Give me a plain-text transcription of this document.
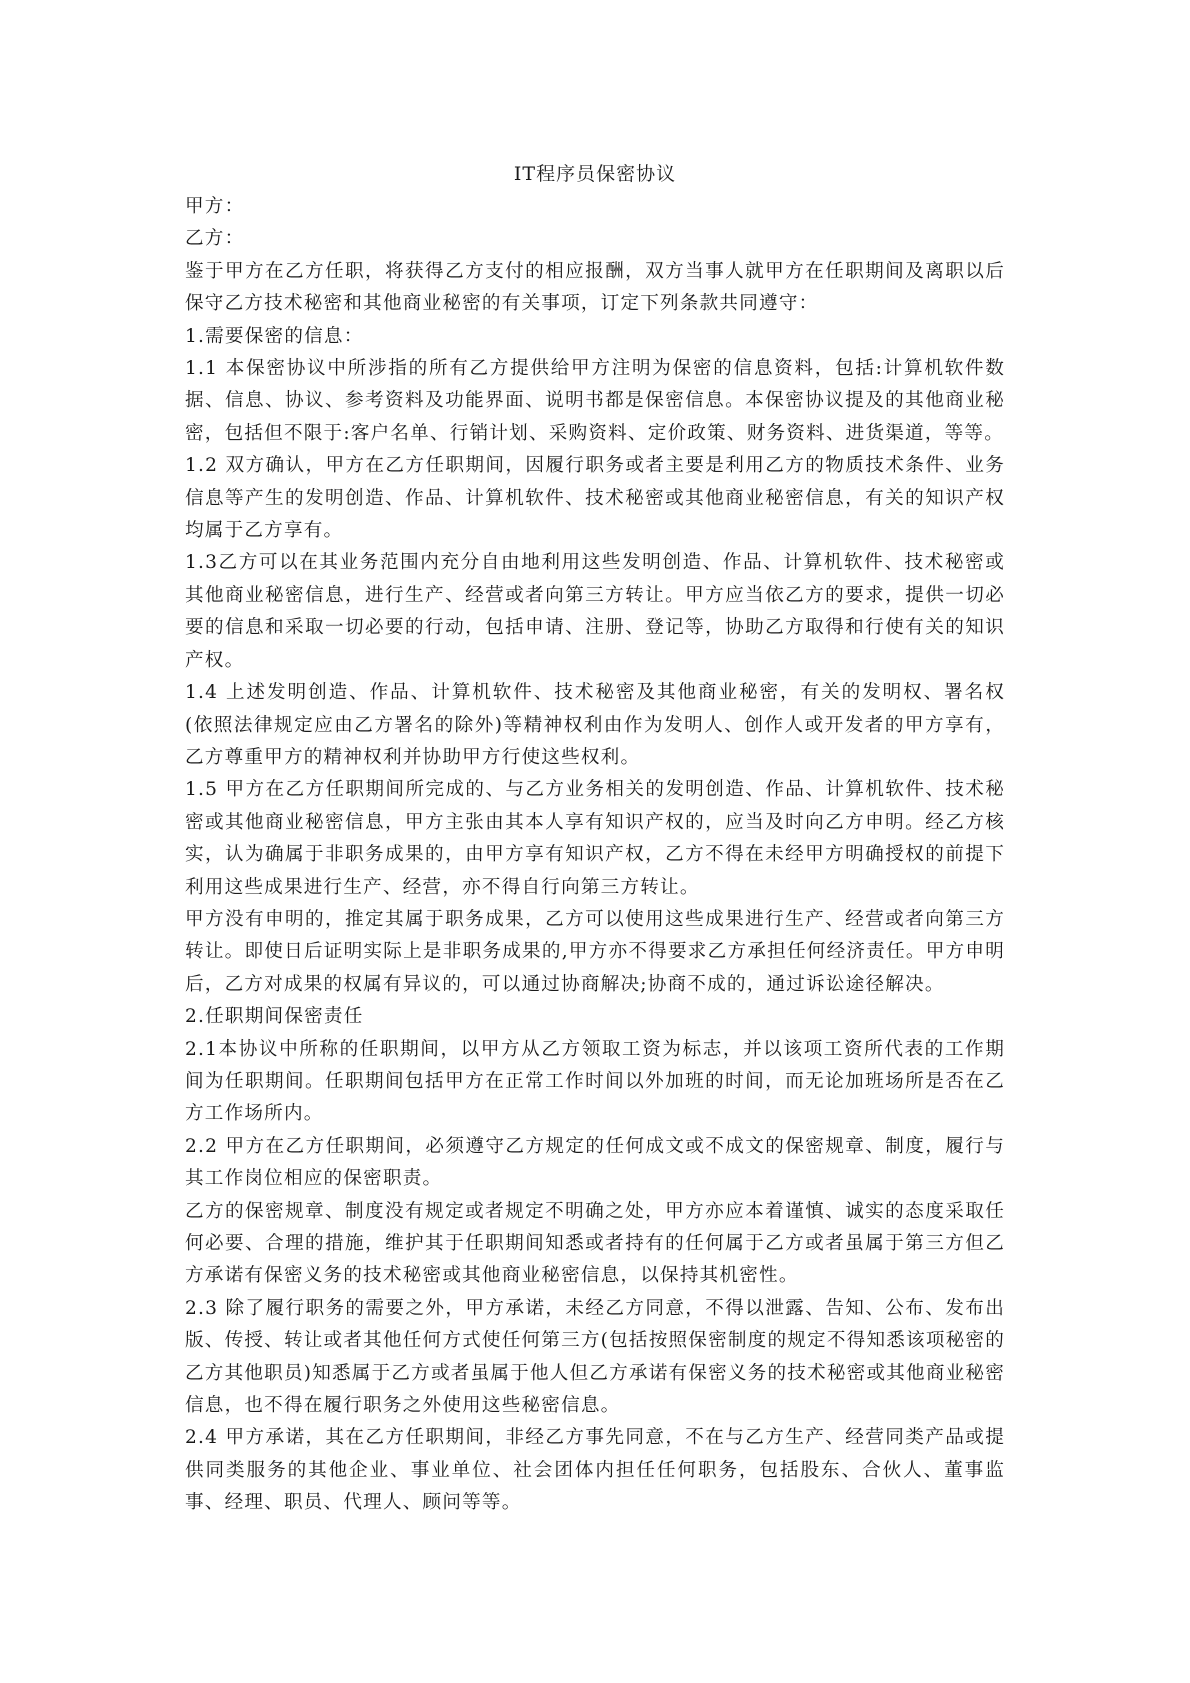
IT程序员保密协议

甲方：

乙方：

鉴于甲方在乙方任职，将获得乙方支付的相应报酬，双方当事人就甲方在任职期间及离职以后保守乙方技术秘密和其他商业秘密的有关事项，订定下列条款共同遵守：

1.需要保密的信息：

1.1 本保密协议中所涉指的所有乙方提供给甲方注明为保密的信息资料，包括:计算机软件数据、信息、协议、参考资料及功能界面、说明书都是保密信息。本保密协议提及的其他商业秘密，包括但不限于:客户名单、行销计划、采购资料、定价政策、财务资料、进货渠道，等等。

1.2 双方确认，甲方在乙方任职期间，因履行职务或者主要是利用乙方的物质技术条件、业务信息等产生的发明创造、作品、计算机软件、技术秘密或其他商业秘密信息，有关的知识产权均属于乙方享有。

1.3乙方可以在其业务范围内充分自由地利用这些发明创造、作品、计算机软件、技术秘密或其他商业秘密信息，进行生产、经营或者向第三方转让。甲方应当依乙方的要求，提供一切必要的信息和采取一切必要的行动，包括申请、注册、登记等，协助乙方取得和行使有关的知识产权。

1.4 上述发明创造、作品、计算机软件、技术秘密及其他商业秘密，有关的发明权、署名权(依照法律规定应由乙方署名的除外)等精神权利由作为发明人、创作人或开发者的甲方享有，乙方尊重甲方的精神权利并协助甲方行使这些权利。

1.5 甲方在乙方任职期间所完成的、与乙方业务相关的发明创造、作品、计算机软件、技术秘密或其他商业秘密信息，甲方主张由其本人享有知识产权的，应当及时向乙方申明。经乙方核实，认为确属于非职务成果的，由甲方享有知识产权，乙方不得在未经甲方明确授权的前提下利用这些成果进行生产、经营，亦不得自行向第三方转让。

甲方没有申明的，推定其属于职务成果，乙方可以使用这些成果进行生产、经营或者向第三方转让。即使日后证明实际上是非职务成果的,甲方亦不得要求乙方承担任何经济责任。甲方申明后，乙方对成果的权属有异议的，可以通过协商解决;协商不成的，通过诉讼途径解决。

2.任职期间保密责任

2.1本协议中所称的任职期间，以甲方从乙方领取工资为标志，并以该项工资所代表的工作期间为任职期间。任职期间包括甲方在正常工作时间以外加班的时间，而无论加班场所是否在乙方工作场所内。

2.2 甲方在乙方任职期间，必须遵守乙方规定的任何成文或不成文的保密规章、制度，履行与其工作岗位相应的保密职责。

乙方的保密规章、制度没有规定或者规定不明确之处，甲方亦应本着谨慎、诚实的态度采取任何必要、合理的措施，维护其于任职期间知悉或者持有的任何属于乙方或者虽属于第三方但乙方承诺有保密义务的技术秘密或其他商业秘密信息，以保持其机密性。

2.3 除了履行职务的需要之外，甲方承诺，未经乙方同意，不得以泄露、告知、公布、发布出版、传授、转让或者其他任何方式使任何第三方(包括按照保密制度的规定不得知悉该项秘密的乙方其他职员)知悉属于乙方或者虽属于他人但乙方承诺有保密义务的技术秘密或其他商业秘密信息，也不得在履行职务之外使用这些秘密信息。

2.4 甲方承诺，其在乙方任职期间，非经乙方事先同意，不在与乙方生产、经营同类产品或提供同类服务的其他企业、事业单位、社会团体内担任任何职务，包括股东、合伙人、董事监事、经理、职员、代理人、顾问等等。
